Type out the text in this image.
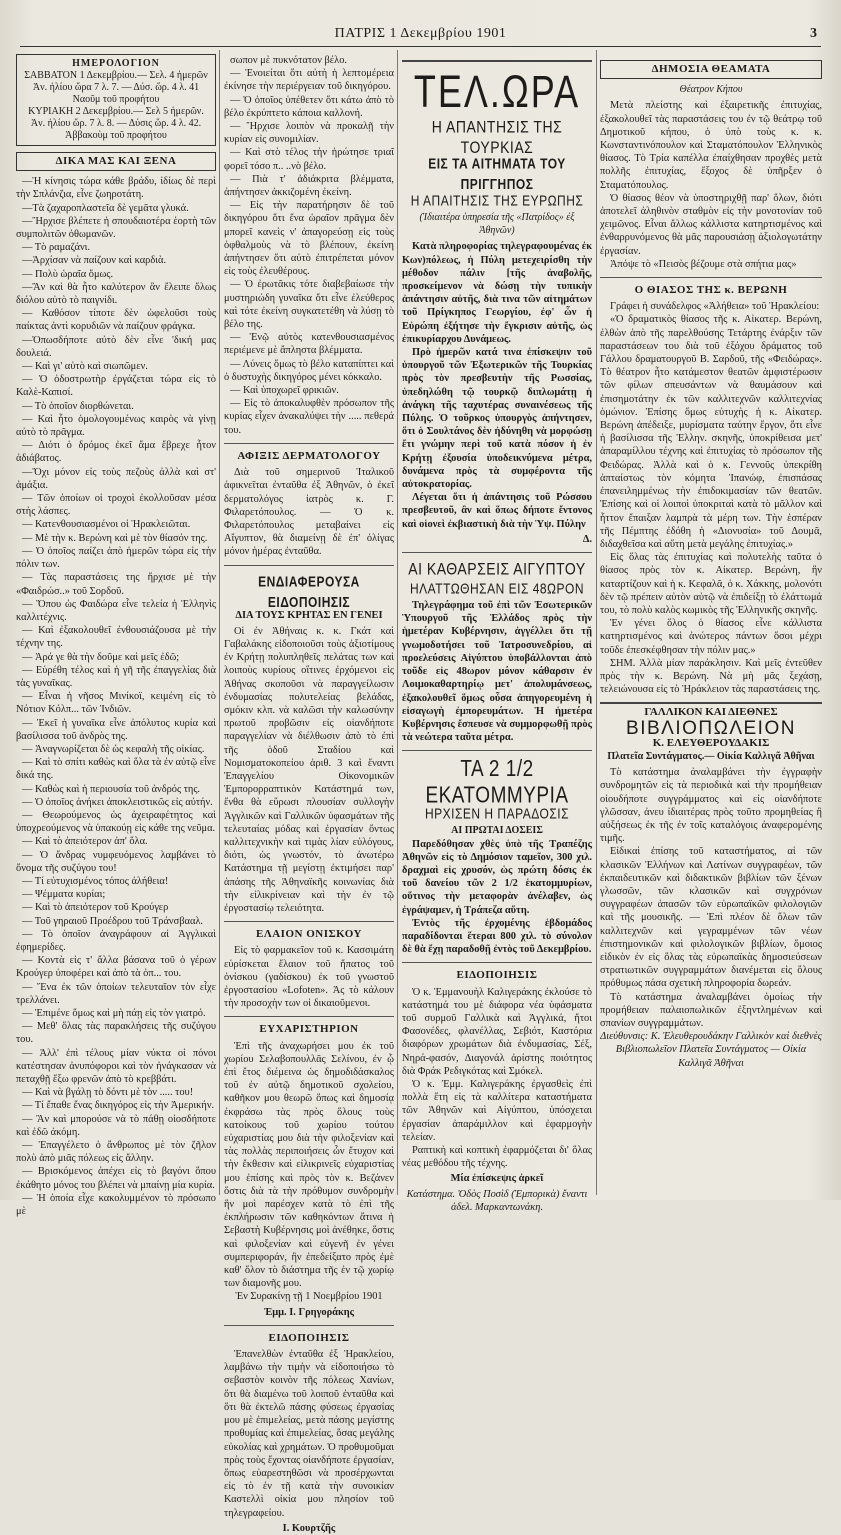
ΠΑΤΡΙΣ 1 Δεκεμβρίου 1901	3
ΗΜΕΡΟΛΟΓΙΟΝ
ΣΑΒΒΑΤΟΝ 1 Δεκεμβρίου.— Σελ. 4 ἡμερῶν
Ἀν. ἡλίου ὥρα 7 λ. 7. — Δύσ. ὥρ. 4 λ. 41
Ναοῦμ τοῦ προφήτου
ΚΥΡΙΑΚΗ 2 Δεκεμβρίου.— Σελ 5 ἡμερῶν.
Ἀν. ἡλίου ὥρ. 7 λ. 8. — Δύσις ὥρ. 4 λ. 42.
Ἀββακοὺμ τοῦ προφήτου
ΔΙΚΑ ΜΑΣ ΚΑΙ ΞΕΝΑ

—Ἡ κίνησις τώρα κάθε βράδυ, ἰδίως δὲ περὶ τὴν Σπλάνζια, εἶνε ζωηροτάτη.

—Τὰ ζαχαροπλαστεῖα δὲ γεμᾶτα γλυκά.

—Ἤρχισε βλέπετε ἡ σπουδαιοτέρα ἑορτὴ τῶν συμπολιτῶν ὀθωμανῶν.

— Τὸ ραμαζάνι.

—Ἀρχίσαν νὰ παίζουν καὶ καρδιὰ.

— Πολὺ ὡραῖα ὅμως.

—Ἂν καὶ θὰ ἦτο καλύτερον ἂν ἔλειπε ὅλως διόλου αὐτὸ τὸ παιγνίδι.

— Καθόσον τίποτε δὲν ὠφελοῦσι τοὺς παίκτας ἀντὶ κορυδιῶν νὰ παίζουν φράγκα.

—Ὁπωσδήποτε αὐτὸ δὲν εἶνε 'δική μας δουλειά.

— Καὶ γι' αὐτὸ καὶ σιωπῶμεν.

— Ὁ ὀδοστρωτὴρ ἐργάζεται τώρα εἰς τὸ Καλὲ-Καπισί.

— Τὸ ὁποῖον διορθώνεται.

— Καὶ ἦτο ὁμολογουμένως καιρὸς νὰ γίνῃ αὐτὸ τὸ πρᾶγμα.

— Διότι ὁ δρόμος ἐκεῖ ἅμα ἔβρεχε ἦτον ἀδιάβατος.

—Ὄχι μόνον εἰς τοὺς πεζοὺς ἀλλὰ καὶ στ' ἀμάξια.

— Τῶν ὁποίων οἱ τροχοὶ ἐκολλοῦσαν μέσα στὴς λάσπες.

— Κατενθουσιασμένοι οἱ Ἡρακλειῶται.

— Μὲ τὴν κ. Βερώνη καὶ μὲ τὸν θίασόν της.

— Ὁ ὁποῖος παίζει ἀπὸ ἡμερῶν τώρα εἰς τὴν πόλιν των.

— Τὰς παραστάσεις της ἤρχισε μὲ τὴν «Φαιδρώσ..» τοῦ Σορδοῦ.

— Ὅπου ὡς Φαιδώρα εἶνε τελεία ἡ Ἑλληνὶς καλλιτέχνις.

— Καὶ ἐξακολουθεῖ ἐνθουσιάζουσα μὲ τὴν τέχνην της.

— Ἀρά γε θὰ τὴν δοῦμε καὶ μεῖς ἐδῶ;

— Εὑρέθη τέλος καὶ ἡ γῆ τῆς ἐπαγγελίας διὰ τὰς γυναῖκας.

— Εἶναι ἡ νῆσος Μινίκοϊ, κειμένη εἰς τὸ Νότιον Κόλπ... τῶν Ἰνδιῶν.

— Ἐκεῖ ἡ γυναῖκα εἶνε ἀπόλυτος κυρία καὶ βασίλισσα τοῦ ἀνδρὸς της.

— Ἀναγνωρίζεται δὲ ὡς κεφαλὴ τῆς οἰκίας.

— Καὶ τὸ σπίτι καθὼς καὶ ὅλα τὰ ἐν αὐτῷ εἶνε δικά της.

— Καθὼς καὶ ἡ περιουσία τοῦ ἀνδρός της.

— Ὁ ὁποῖος ἀνήκει ἀποκλειστικῶς εἰς αὐτήν.

— Θεωρούμενος ὡς ἀχειραφέτητος καὶ ὑποχρεούμενος νὰ ὑπακούῃ εἰς κάθε της νεῦμα.

— Καὶ τὸ ἀπειότερον ἀπ' ὅλα.

— Ὁ ἄνδρας νυμφευόμενος λαμβάνει τὸ ὄνομα τῆς συζύγου του!

— Τί εὐτυχισμένος τόπος ἀλήθεια!

— Ψέμματα κυρίαι;

— Καὶ τὸ ἀπειότερον τοῦ Κρούγερ

— Τοῦ γηραιοῦ Προέδρου τοῦ Τράνσβααλ.

— Τὸ ὁποῖον ἀναγράφουν αἱ Ἀγγλικαὶ ἐφημερίδες.

— Κοντὰ εἰς τ' ἄλλα βάσανα τοῦ ὁ γέρων Κρούγερ ὑποφέρει καὶ ἀπὸ τὰ ὀπ... του.

— Ἕνα ἐκ τῶν ὁποίων τελευταῖον τὸν εἶχε τρελλάνει.

— Ἐπιμένε ὅμως καὶ μὴ πάῃ εἰς τὸν γιατρό.

— Μεθ' ὅλας τὰς παρακλήσεις τῆς συζύγου του.

— Ἀλλ' ἐπὶ τέλους μίαν νύκτα οἱ πόνοι κατέστησαν ἀνυπόφοροι καὶ τὸν ἠνάγκασαν νὰ πεταχθῇ ἔξω φρενῶν ἀπὸ τὸ κρεββάτι.

— Καὶ νὰ βγάλῃ τὸ δόντι μὲ τὸν ..... του!

— Τί ἔπαθε ἕνας δικηγόρος εἰς τὴν Ἀμερικήν.

— Ἂν καὶ μπορούσε νὰ τὸ πάθῃ οἱοσδήποτε καὶ ἐδῶ ἀκόμη.

— Ἐπαγγέλετο ὁ ἄνθρωπος μὲ τὸν ζῆλον πολὺ ἀπὸ μιᾶς πόλεως εἰς ἄλλην.

— Βρισκόμενος ἀπέχει εἰς τὸ βαγόνι ὅπου ἐκάθητο μόνος του βλέπει νὰ μπαίνῃ μία κυρία.

— Ἡ ὁποία εἶχε κακολυμμένον τὸ πρόσωπο μὲ

σωπον μὲ πυκνότατον βέλο.

— Ἐνοιείται ὅτι αὐτὴ ἡ λεπτομέρεια ἐκίνησε τὴν περιέργειαν τοῦ δικηγόρου.

— Ὁ ὁποῖος ὑπέθετεν ὅτι κάτω ἀπὸ τὸ βέλο ἐκρύπτετο κάποια καλλονή.

— Ἤρχισε λοιπὸν νὰ προκαλῇ τὴν κυρίαν εἰς συνομιλίαν.

— Καὶ στὸ τέλος τὴν ἠρώτησε τριαῖ φορεῖ τόσο π.. ..νὸ βέλο.

— Πιὰ τ' ἀδιάκριτα βλέμματα, ἀπήντησεν ἀκκιζομένη ἐκείνη.

— Εἰς τὴν παρατήρησιν δὲ τοῦ δικηγόρου ὅτι ἕνα ὡραῖον πρᾶγμα δὲν μπορεῖ κανεὶς ν' ἀπαγορεύσῃ εἰς τοὺς ὀφθαλμοὺς νὰ τὸ βλέπουν, ἐκείνη ἀπήντησεν ὅτι αὐτὸ ἐπιτρέπεται μόνον εἰς τοὺς ἐλευθέρους.

— Ὁ ἐρωτᾶκις τότε διαβεβαίωσε τὴν μυστηριώδη γυναῖκα ὅτι εἶνε ἐλεύθερος καὶ τότε ἐκείνη συγκατετέθη νὰ λύσῃ τὸ βέλο της.

— Ἐνῷ αὐτὸς κατενθουσιασμένος περιέμενε μὲ ἄπληστα βλέμματα.

— Λύνεις ὅμως τὸ βέλο καταπίπτει καὶ ὁ δυστυχὴς δικηγόρος μένει κόκκαλο.

— Καὶ ὑποχωρεῖ φρικιῶν.

— Εἰς τὸ ἀποκαλυφθὲν πρόσωπον τῆς κυρίας εἶχεν ἀνακαλύψει τὴν ..... πεθερά του.

ΑΦΙΞΙΣ ΔΕΡΜΑΤΟΛΟΓΟΥ

Διὰ τοῦ σημερινοῦ Ἰταλικοῦ ἀφικνεῖται ἐνταῦθα ἐξ Ἀθηνῶν, ὁ ἐκεῖ δερματολόγος ἰατρὸς κ. Γ. Φιλαρετόπουλος. — Ὁ κ. Φιλαρετόπουλος μεταβαίνει εἰς Αἴγυπτον, θὰ διαμείνῃ δὲ ἐπ' ὀλίγας μόνον ἡμέρας ἐνταῦθα.

ΕΝΔΙΑΦΕΡΟΥΣΑ ΕΙΔΟΠΟΙΗΣΙΣ
ΔΙΑ ΤΟΥΣ ΚΡΗΤΑΣ ΕΝ ΓΕΝΕΙ

Οἱ ἐν Ἀθήναις κ. κ. Γκάτ καὶ Γαβαλάκης εἰδοποιοῦσι τοὺς ἀξιοτίμους ἐν Κρήτῃ πολυπληθεῖς πελάτας των καὶ λοιποὺς κυρίους οἵτινες ἐρχόμενοι εἰς Ἀθήνας σκοποῦσι νὰ παραγγείλωσιν ἐνδυμασίας πολυτελείας βελάδας, σμόκιν κλπ. νὰ καλῶσι τὴν καλωσύνην πρωτοῦ προβῶσιν εἰς οἱανδήποτε παραγγελίαν νὰ διέλθωσιν ἀπὸ τὸ ἐπὶ τῆς ὁδοῦ Σταδίου καὶ Νομισματοκοπείου ἀριθ. 3 καὶ ἔναντι Ἐπαγγελίου Οἰκονομικῶν Ἐμπορορραπτικὸν Κατάστημά των, ἔνθα θὰ εὕρωσι πλουσίαν συλλογὴν Ἀγγλικῶν καὶ Γαλλικῶν ὑφασμάτων τῆς τελευταίας μόδας καὶ ἐργασίαν ὄντως καλλιτεχνικὴν καὶ τιμὰς λίαν εὐλόγους, διότι, ὡς γνωστόν, τὸ ἀνωτέρω Κατάστημα τῇ μεγίστῃ ἐκτιμήσει παρ' ἁπάσης τῆς Ἀθηναϊκῆς κοινωνίας διὰ τὴν εἰλικρίνειαν καὶ τὴν ἐν τῷ ἐργοστασίῳ τελειότητα.

ΕΛΑΙΟΝ ΟΝΙΣΚΟΥ

Εἰς τὸ φαρμακεῖον τοῦ κ. Κασσιμάτη εὑρίσκεται ἔλαιον τοῦ ἥπατος τοῦ ὀνίσκου (γαδίσκου) ἐκ τοῦ γνωστοῦ ἐργοστασίου «Lofoten». Ἀς τὸ κάλουν τὴν προσοχὴν των οἱ δικαιοῦμενοι.

ΕΥΧΑΡΙΣΤΗΡΙΟΝ

Ἐπὶ τῆς ἀναχωρήσει μου ἐκ τοῦ χωρίου Σελαβοπουλλᾶς Σελίνου, ἐν ᾧ ἐπὶ ἔτος διέμεινα ὡς δημοδιδάσκαλος τοῦ ἐν αὐτῷ δημοτικοῦ σχολείου, καθῆκον μου θεωρῶ ὅπως καὶ δημοσίᾳ ἐκφράσω τὰς πρὸς ὅλους τοὺς κατοίκους τοῦ χωρίου τούτου εὐχαριστίας μου διὰ τὴν φιλοξενίαν καὶ τὰς πολλὰς περιποιήσεις ὧν ἔτυχον καὶ τὴν ἔκθεσιν καὶ εἰλικρινεῖς εὐχαριστίας μου ἐπίσης καὶ πρὸς τὸν κ. Βεζάνεν ὅστις διὰ τὰ τὴν πρόθυμον συνδρομὴν ἣν μοὶ παρέσχεν κατὰ τὸ ἐπὶ τῆς ἐκπλήρωσιν τῶν καθηκόντων ἄτινα ἡ Σεβαστὴ Κυβέρνησις μοὶ ἀνέθηκε, ὅστις καὶ φιλοξενίαν καὶ εὐγενῆ ἐν γένει συμπεριφοράν, ἣν ἐπεδείξατο πρὸς ἐμὲ καθ' ὅλον τὸ διάστημα τῆς ἐν τῷ χωρίῳ των διαμονῆς μου.

Ἐν Συρακίνῃ τῇ 1 Νοεμβρίου 1901
Ἐμμ. Ι. Γρηγοράκης
ΕΙΔΟΠΟΙΗΣΙΣ

Ἐπανελθὼν ἐνταῦθα ἐξ Ἡρακλείου, λαμβάνω τὴν τιμὴν νὰ εἰδοποιήσω τὸ σεβαστὸν κοινὸν τῆς πόλεως Χανίων, ὅτι θὰ διαμένω τοῦ λοιποῦ ἐνταῦθα καὶ ὅτι θὰ ἐκτελῶ πάσης φύσεως ἐργασίας μου μὲ ἐπιμελείας, μετὰ πάσης μεγίστης προθυμίας καὶ ἐπιμελείας, ὅσας μεγάλης εὐκολίας καὶ χρημάτων. Ὁ προθυμοῦμαι πρὸς τοὺς ἔχοντας οἱανδήποτε ἐργασίαν, ὅπως εὐαρεστηθῶσι νὰ προσέρχωνται εἰς τὸ ἐν τῇ κατὰ τὴν συνοικίαν Καστελλὶ οἰκία μου πλησίον τοῦ τηλεγραφείου.

Ι. Κουρτζῆς
ΤΕΛ.ΩΡΑ
Η ΑΠΑΝΤΗΣΙΣ ΤΗΣ ΤΟΥΡΚΙΑΣ
ΕΙΣ ΤΑ ΑΙΤΗΜΑΤΑ ΤΟΥ ΠΡΙΓΓΗΠΟΣ
Η ΑΠΑΙΤΗΣΙΣ ΤΗΣ ΕΥΡΩΠΗΣ
(Ἰδιαιτέρα ὑπηρεσία τῆς «Πατρίδος» ἐξ Ἀθηνῶν)

Κατὰ πληροφορίας τηλεγραφουμένας ἐκ Κων)πόλεως, ἡ Πύλη μετεχειρίσθη τὴν μέθοδον πάλιν [τῆς ἀναβολῆς, προσκείμενον νὰ δώσῃ τὴν τυπικὴν ἀπάντησιν αὐτῆς, διὰ τινα τῶν αἰτημάτων τοῦ Πρίγκηπος Γεωργίου, ἐφ' ὧν ἡ Εὐρώπη ἐξήτησε τὴν ἔγκρισιν αὐτῆς, ὡς ἐπικυρίαρχου Δυνάμεως.

Πρὸ ἡμερῶν κατά τινα ἐπίσκεψιν τοῦ ὑπουργοῦ τῶν Ἐξωτερικῶν τῆς Τουρκίας πρὸς τὸν πρεσβευτὴν τῆς Ρωσσίας, ὑπεδηλώθη τῷ τουρκῷ διπλωμάτῃ ἡ ἀνάγκη τῆς ταχυτέρας συναινέσεως τῆς Πύλης. Ὁ τοῦρκος ὑπουργὸς ἀπήντησεν, ὅτι ὁ Σουλτάνος δὲν ἠδύνηθη νὰ μορφώσῃ ἔτι γνώμην περὶ τοῦ κατὰ πόσον ἡ ἐν Κρήτῃ ἐξουσία ὑποδεικνύμενα μέτρα, δυνάμενα πρὸς τὰ συμφέροντα τῆς αὐτοκρατορίας.

Λέγεται ὅτι ἡ ἀπάντησις τοῦ Ρώσσου πρεσβευτοῦ, ἂν καὶ ὅπως δήποτε ἔντονος καὶ οἱονεὶ ἐκβιαστικὴ διὰ τὴν Ὑψ. Πύλην

Δ.
ΑΙ ΚΑΘΑΡΣΕΙΣ ΑΙΓΥΠΤΟΥ
ΗΛΑΤΤΩΘΗΣΑΝ ΕΙΣ 48ΩΡΟΝ

Τηλεγράφημα τοῦ ἐπὶ τῶν Ἐσωτερικῶν Ὑπουργοῦ τῆς Ἑλλάδος πρὸς τὴν ἡμετέραν Κυβέρνησιν, ἀγγέλλει ὅτι τῇ γνωμοδοτήσει τοῦ Ἰατροσυνεδρίου, αἱ προελεύσεις Αἰγύπτου ὑποβάλλονται ἀπὸ τοῦδε εἰς 48ωρον μόνον κάθαρσιν ἐν Λοιμοκαθαρτηρίῳ μετ' ἀπολυμάνσεως, ἐξακολουθεῖ ὅμως οὖσα ἀπηγορευμένη ἡ εἰσαγωγὴ ἐμπορευμάτων. Ἡ ἡμετέρα Κυβέρνησις ἔσπευσε νὰ συμμορφωθῇ πρὸς τὰ νεώτερα ταῦτα μέτρα.

ΤΑ 2 1/2 ΕΚΑΤΟΜΜΥΡΙΑ
ΗΡΧΙΣΕΝ Η ΠΑΡΑΔΟΣΙΣ
ΑΙ ΠΡΩΤΑΙ ΔΟΣΕΙΣ

Παρεδόθησαν χθὲς ὑπὸ τῆς Τραπέζης Ἀθηνῶν εἰς τὸ Δημόσιον ταμεῖον, 300 χιλ. δραχμαὶ εἰς χρυσόν, ὡς πρώτη δόσις ἐκ τοῦ δανείου τῶν 2 1/2 ἑκατομμυρίων, οὕτινος τὴν μεταφορὰν ἀνέλαβεν, ὡς ἐγράψαμεν, ἡ Τράπεζα αὕτη.

Ἐντὸς τῆς ἐρχομένης ἑβδομάδος παραδίδονται ἕτεραι 800 χιλ. τὸ σύνολον δὲ θὰ ἔχῃ παραδοθῇ ἐντὸς τοῦ Δεκεμβρίου.

ΕΙΔΟΠΟΙΗΣΙΣ

Ὁ κ. Ἐμμανουὴλ Καλιγεράκης ἐκλούσε τὸ κατάστημά του μὲ διάφορα νέα ὑφάσματα τοῦ συρμοῦ Γαλλικὰ καὶ Ἀγγλικά, ἤτοι Φασονέδες, φλανέλλας, Σεβιότ, Καστόρια διαφόρων χρωμάτων διὰ ἐνδυμασίας, Σέξ, Νηρά-φασόν, Διαγονάλ ἀρίστης ποιότητος διὰ Φράκ Ρεδιγκότας καὶ Σμόκελ.

Ὁ κ. Ἐμμ. Καλιγεράκης ἐργασθεὶς ἐπὶ πολλὰ ἔτη εἰς τὰ καλλίτερα καταστήματα τῶν Ἀθηνῶν καὶ Αἰγύπτου, ὑπόσχεται ἐργασίαν ἀπαράμιλλον καὶ ἐφαρμογὴν τελείαν.

Ραπτικὴ καὶ κοπτικὴ ἐφαρμόζεται δι' ὅλας νέας μεθόδου τῆς τέχνης.

Μία ἐπίσκεψις ἀρκεῖ
Κατάστημα. Ὁδὸς Ποσὶδ (Ἐμπορικὰ) ἔναντι ἀδελ. Μαρκαντωνάκη.
ΔΗΜΟΣΙΑ ΘΕΑΜΑΤΑ
Θέατρον Κήπου

Μετὰ πλείστης καὶ ἐξαιρετικῆς ἐπιτυχίας, ἐξακολουθεῖ τὰς παραστάσεις του ἐν τῷ θεάτρῳ τοῦ Δημοτικοῦ κήπου, ὁ ὑπὸ τοὺς κ. κ. Κωνσταντινόπουλον καὶ Σταματόπουλον Ἑλληνικὸς θίασος. Τὸ Τρία καπέλλα ἐπαίχθησαν προχθὲς μετὰ πολλῆς ἐπιτυχίας, ἔξοχος δὲ ὑπῆρξεν ὁ Σταματόπουλος.

Ὁ θίασος θέον νὰ ὑποστηριχθῇ παρ' ὅλων, διότι ἀποτελεῖ ἀληθινὸν σταθμὸν εἰς τὴν μονοτονίαν τοῦ χειμῶνος. Εἶναι ἄλλως κάλλιστα κατηρτισμένος καὶ ἐνθαρρυνόμενος θὰ μᾶς παρουσιάσῃ ἀξιολογωτάτην ἐργασίαν.

Ἀπόψε τὸ «Πεισὸς βέζουμε στὰ σπήτια μας»

Ο ΘΙΑΣΟΣ ΤΗΣ κ. ΒΕΡΩΝΗ

Γράφει ἡ συνάδελφος «Ἀλήθεια» τοῦ Ἡρακλείου:

«Ὁ δραματικὸς θίασος τῆς κ. Αἰκατερ. Βερώνη, ἐλθὼν ἀπὸ τῆς παρελθούσης Τετάρτης ἐνάρξιν τῶν παραστάσεων του διὰ τοῦ ἐξόχου δράματος τοῦ Γάλλου δραματουργοῦ Β. Σαρδοῦ, τῆς «Φειδώρας». Τὸ θέατρον ἦτο κατάμεστον θεατῶν ἀμφιστέρωσιν τῶν φίλων σπευσάντων νὰ θαυμάσουν καὶ ἐπισημοτάτην ἐκ τῶν καλλιτεχνῶν καλλιτεχνίας ὁμώνιον. Ἐπίσης ὅμως εὐτυχὴς ἡ κ. Αἰκατερ. Βερώνη ἀπέδειξε, μυρίσματα ταύτην ἔργον, ὅτι εἶνε ἡ βασίλισσα τῆς Ἑλλην. σκηνῆς, ὑποκρίθεισα μετ' ἀπαραμίλλου τέχνης καὶ ἐπιτυχίας τὸ πρόσωπον τῆς Φειδώρας. Ἀλλὰ καὶ ὁ κ. Γεννοῦς ὑπεκρίθη ἀπταίστως τὸν κόμητα Ἰπανώφ, ἐπισπάσας ἐπανειλημμένως τὴν ἐπιδοκιμασίαν τῶν θεατῶν. Ἐπίσης καὶ οἱ λοιποὶ ὑποκριταὶ κατὰ τὸ μᾶλλον καὶ ἧττον ἔπαιξαν λαμπρὰ τὰ μέρη των. Τὴν ἑσπέραν τῆς Πέμπτης ἐδόθη ἡ «Διονυσία» τοῦ Δουμᾶ, διδαχθεῖσα καὶ αὕτη μετὰ μεγάλης ἐπιτυχίας.»

Εἰς ὅλας τὰς ἐπιτυχίας καὶ πολυτελὴς ταῦτα ὁ θίασος πρὸς τὸν κ. Αἰκατερ. Βερώνη, ἣν καταρτίζουν καὶ ἡ κ. Κεφαλᾶ, ὁ κ. Χάκκης, μολονότι δὲν τῷ πρέπειν αὐτὸν αὐτῷ νὰ ἐπιδείξῃ τὸ ἐλάττωμά του, τὸ πολὺ καλὸς κωμικὸς τῆς Ἑλληνικῆς σκηνῆς.

Ἐν γένει ὅλος ὁ θίασος εἶνε κάλλιστα κατηρτισμένος καὶ ἀνώτερος πάντων ὅσοι μέχρι τοῦδε ἐπεσκέφθησαν τὴν πόλιν μας.»

ΣΗΜ. Ἀλλὰ μίαν παράκλησιν. Καὶ μεῖς ἐντεῦθεν πρὸς τὴν κ. Βερώνη. Νὰ μὴ μᾶς ξεχάσῃ, τελειώνουσα εἰς τὸ Ἡράκλειον τὰς παραστάσεις της.

ΓΑΛΛΙΚΟΝ ΚΑΙ ΔΙΕΘΝΕΣ
ΒΙΒΛΙΟΠΩΛΕΙΟΝ
Κ. ΕΛΕΥΘΕΡΟΥΔΑΚΙΣ
Πλατεῖα Συντάγματος.— Οἰκία Καλλιγᾶ Ἀθῆναι

Τὸ κατάστημα ἀναλαμβάνει τὴν ἐγγραφὴν συνδρομητῶν εἰς τὰ περιοδικὰ καὶ τὴν προμήθειαν οἱουδήποτε συγγράμματος καὶ εἰς οἱανδήποτε γλῶσσαν, ἀνευ ἰδιαιτέρας πρὸς τοῦτο προμηθείας ἢ αὐξήσεως ἐκ τῆς ἐν τοῖς καταλόγοις ἀναφερομένης τιμῆς.

Εἰδικαὶ ἐπίσης τοῦ καταστήματος, αἱ τῶν κλασικῶν Ἑλλήνων καὶ Λατίνων συγγραφέων, τῶν ἐκπαιδευτικῶν καὶ διδακτικῶν βιβλίων τῶν ξένων γλωσσῶν, τῶν κλασικῶν καὶ συγχρόνων συγγραφέων ἁπασῶν τῶν εὐρωπαϊκῶν φιλολογιῶν καὶ τῆς μουσικῆς. — Ἐπὶ πλέον δὲ ὅλων τῶν καλλιτεχνῶν καὶ γεγραμμένων τῶν νέων ἐπιστημονικῶν καὶ φιλολογικῶν βιβλίων, ὅμοιος εἰδικὸν ἐν εἰς ὅλας τὰς εὐρωπαϊκὰς δημοσιεύσεων στρατιωτικῶν συγγραμμάτων διανέμεται εἰς ὅλους πρόθυμως πάσα σχετικὴ πληροφορία δωρεάν.

Τὸ κατάστημα ἀναλαμβάνει ὁμοίως τὴν προμήθειαν παλαιοπωλικῶν ἐξηντλημένων καὶ σπανίων συγγραμμάτων.

Διεύθυνσις: Κ. Ἐλευθερουδάκην Γαλλικὸν καὶ διεθνὲς Βιβλιοπωλεῖον Πλατεῖα Συντάγματος — Οἰκία Καλλιγᾶ Ἀθῆναι
